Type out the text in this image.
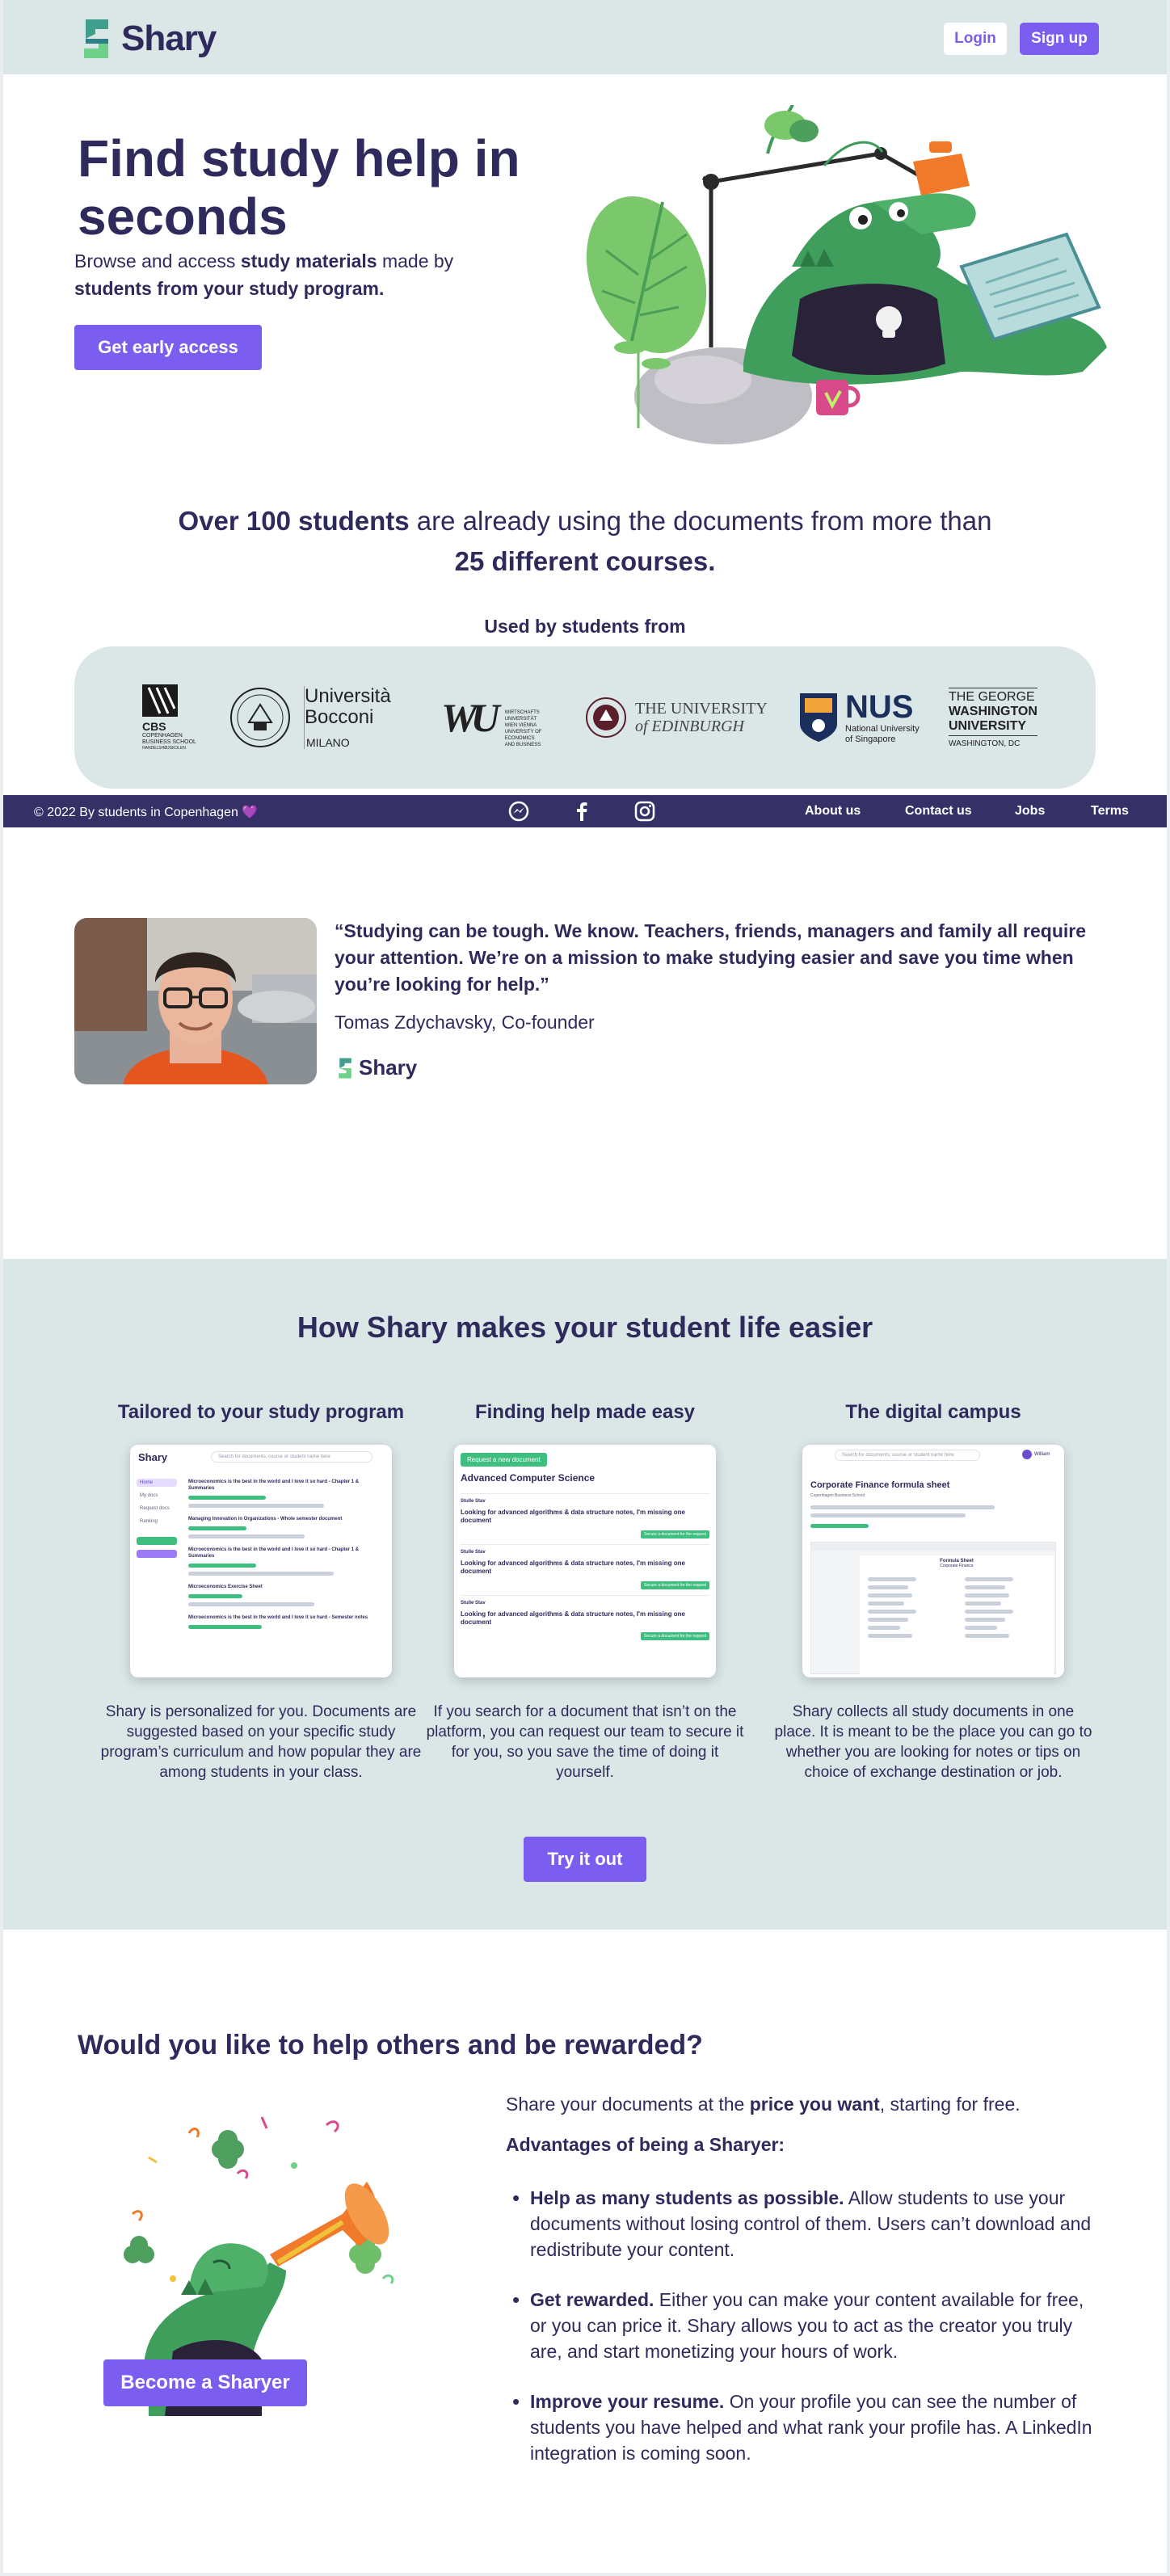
Shary	Login	Sign up
Find study help in seconds
Browse and access study materials made by
students from your study program.
Get early access
Over 100 students are already using the documents from more than
25 different courses.
Used by students from
CBS
COPENHAGEN
BUSINESS SCHOOL
HANDELSHØJSKOLEN
Università
Bocconi
MILANO
WU WIRTSCHAFTS
UNIVERSITÄT
WIEN VIENNA
UNIVERSITY OF
ECONOMICS
AND BUSINESS
THE UNIVERSITY
of EDINBURGH
NUS
National University
of Singapore
THE GEORGE
WASHINGTON
UNIVERSITY
WASHINGTON, DC
© 2022 By students in Copenhagen 💜	About us	Contact us	Jobs	Terms
“Studying can be tough. We know. Teachers, friends, managers and family all require your attention. We’re on a mission to make studying easier and save you time when you’re looking for help.”
Tomas Zdychavsky, Co-founder
Shary
How Shary makes your student life easier
Tailored to your study program
Shary	Search for documents, course or student name here
Home
My docs
Request docs
Ranking
Microeconomics is the best in the world and I love it so hard - Chapter 1 & Summaries
Managing Innovation in Organizations - Whole semester document
Microeconomics is the best in the world and I love it so hard - Chapter 1 & Summaries
Microeconomics Exercise Sheet
Microeconomics is the best in the world and I love it so hard - Semester notes

Shary is personalized for you. Documents are suggested based on your specific study program’s curriculum and how popular they are among students in your class.

Finding help made easy
Request a new document
Advanced Computer Science
Stulle Stav
Looking for advanced algorithms & data structure notes, I'm missing one document
Secure a document for the request
Stulle Stav
Looking for advanced algorithms & data structure notes, I'm missing one document
Secure a document for the request
Stulle Stav
Looking for advanced algorithms & data structure notes, I'm missing one document
Secure a document for the request

If you search for a document that isn’t on the platform, you can request our team to secure it for you, so you save the time of doing it yourself.

The digital campus
Search for documents, course or student name here	William
Corporate Finance formula sheet
Copenhagen Business School
Formula Sheet
Corporate Finance

Shary collects all study documents in one place. It is meant to be the place you can go to whether you are looking for notes or tips on choice of exchange destination or job.

Try it out
Would you like to help others and be rewarded?
Become a Sharyer
Share your documents at the price you want, starting for free.
Advantages of being a Sharyer:
• Help as many students as possible. Allow students to use your documents without losing control of them. Users can’t download and redistribute your content.
• Get rewarded. Either you can make your content available for free, or you can price it. Shary allows you to act as the creator you truly are, and start monetizing your hours of work.
• Improve your resume. On your profile you can see the number of students you have helped and what rank your profile has. A LinkedIn integration is coming soon.
